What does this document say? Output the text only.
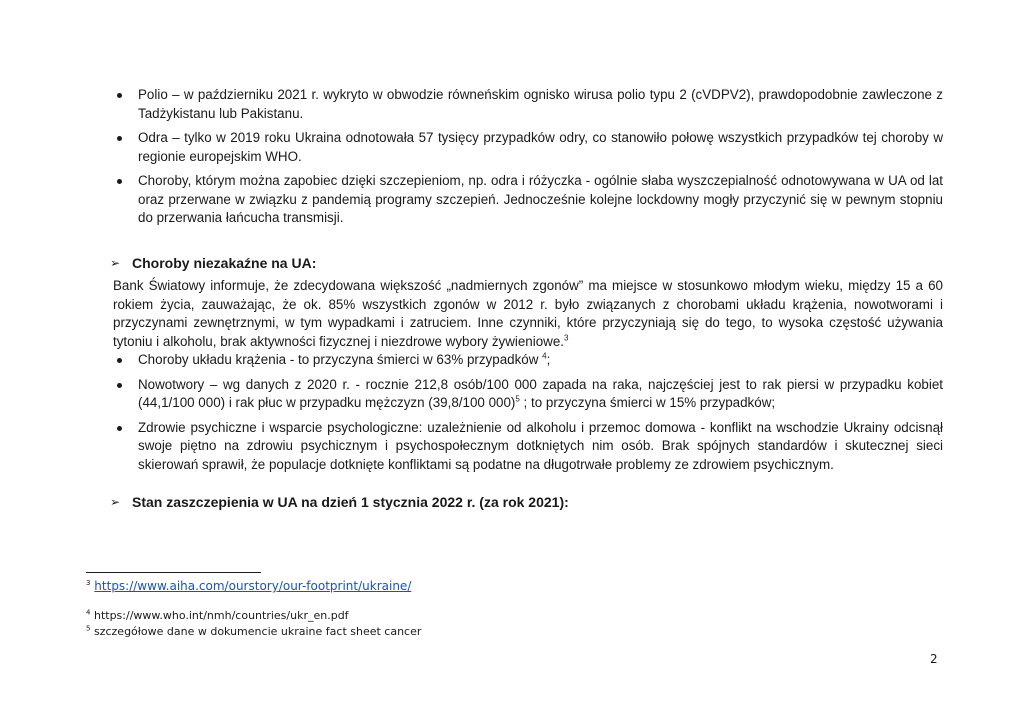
Polio – w październiku 2021 r. wykryto w obwodzie równeńskim ognisko wirusa polio typu 2 (cVDPV2), prawdopodobnie zawleczone z Tadżykistanu lub Pakistanu.
Odra – tylko w 2019 roku Ukraina odnotowała 57 tysięcy przypadków odry, co stanowiło połowę wszystkich przypadków tej choroby w regionie europejskim WHO.
Choroby, którym można zapobiec dzięki szczepieniom, np. odra i różyczka - ogólnie słaba wyszczepialność odnotowywana w UA od lat oraz przerwane w związku z pandemią programy szczepień. Jednocześnie kolejne lockdowny mogły przyczynić się w pewnym stopniu do przerwania łańcucha transmisji.
➢ Choroby niezakaźne na UA:

Bank Światowy informuje, że zdecydowana większość „nadmiernych zgonów” ma miejsce w stosunkowo młodym wieku, między 15 a 60 rokiem życia, zauważając, że ok. 85% wszystkich zgonów w 2012 r. było związanych z chorobami układu krążenia, nowotworami i przyczynami zewnętrznymi, w tym wypadkami i zatruciem. Inne czynniki, które przyczyniają się do tego, to wysoka częstość używania tytoniu i alkoholu, brak aktywności fizycznej i niezdrowe wybory żywieniowe.$^3$

Choroby układu krążenia - to przyczyna śmierci w 63% przypadków $^4$;
Nowotwory – wg danych z 2020 r. - rocznie 212,8 osób/100 000 zapada na raka, najczęściej jest to rak piersi w przypadku kobiet (44,1/100 000) i rak płuc w przypadku mężczyzn (39,8/100 000)$^5$ ; to przyczyna śmierci w 15% przypadków;
Zdrowie psychiczne i wsparcie psychologiczne: uzależnienie od alkoholu i przemoc domowa - konflikt na wschodzie Ukrainy odcisnął swoje piętno na zdrowiu psychicznym i psychospołecznym dotkniętych nim osób. Brak spójnych standardów i skutecznej sieci skierowań sprawił, że populacje dotknięte konfliktami są podatne na długotrwałe problemy ze zdrowiem psychicznym.
➢ Stan zaszczepienia w UA na dzień 1 stycznia 2022 r. (za rok 2021):
$^3$ https://www.aiha.com/ourstory/our-footprint/ukraine/
$^4$ https://www.who.int/nmh/countries/ukr_en.pdf
$^5$ szczegółowe dane w dokumencie ukraine fact sheet cancer
2
